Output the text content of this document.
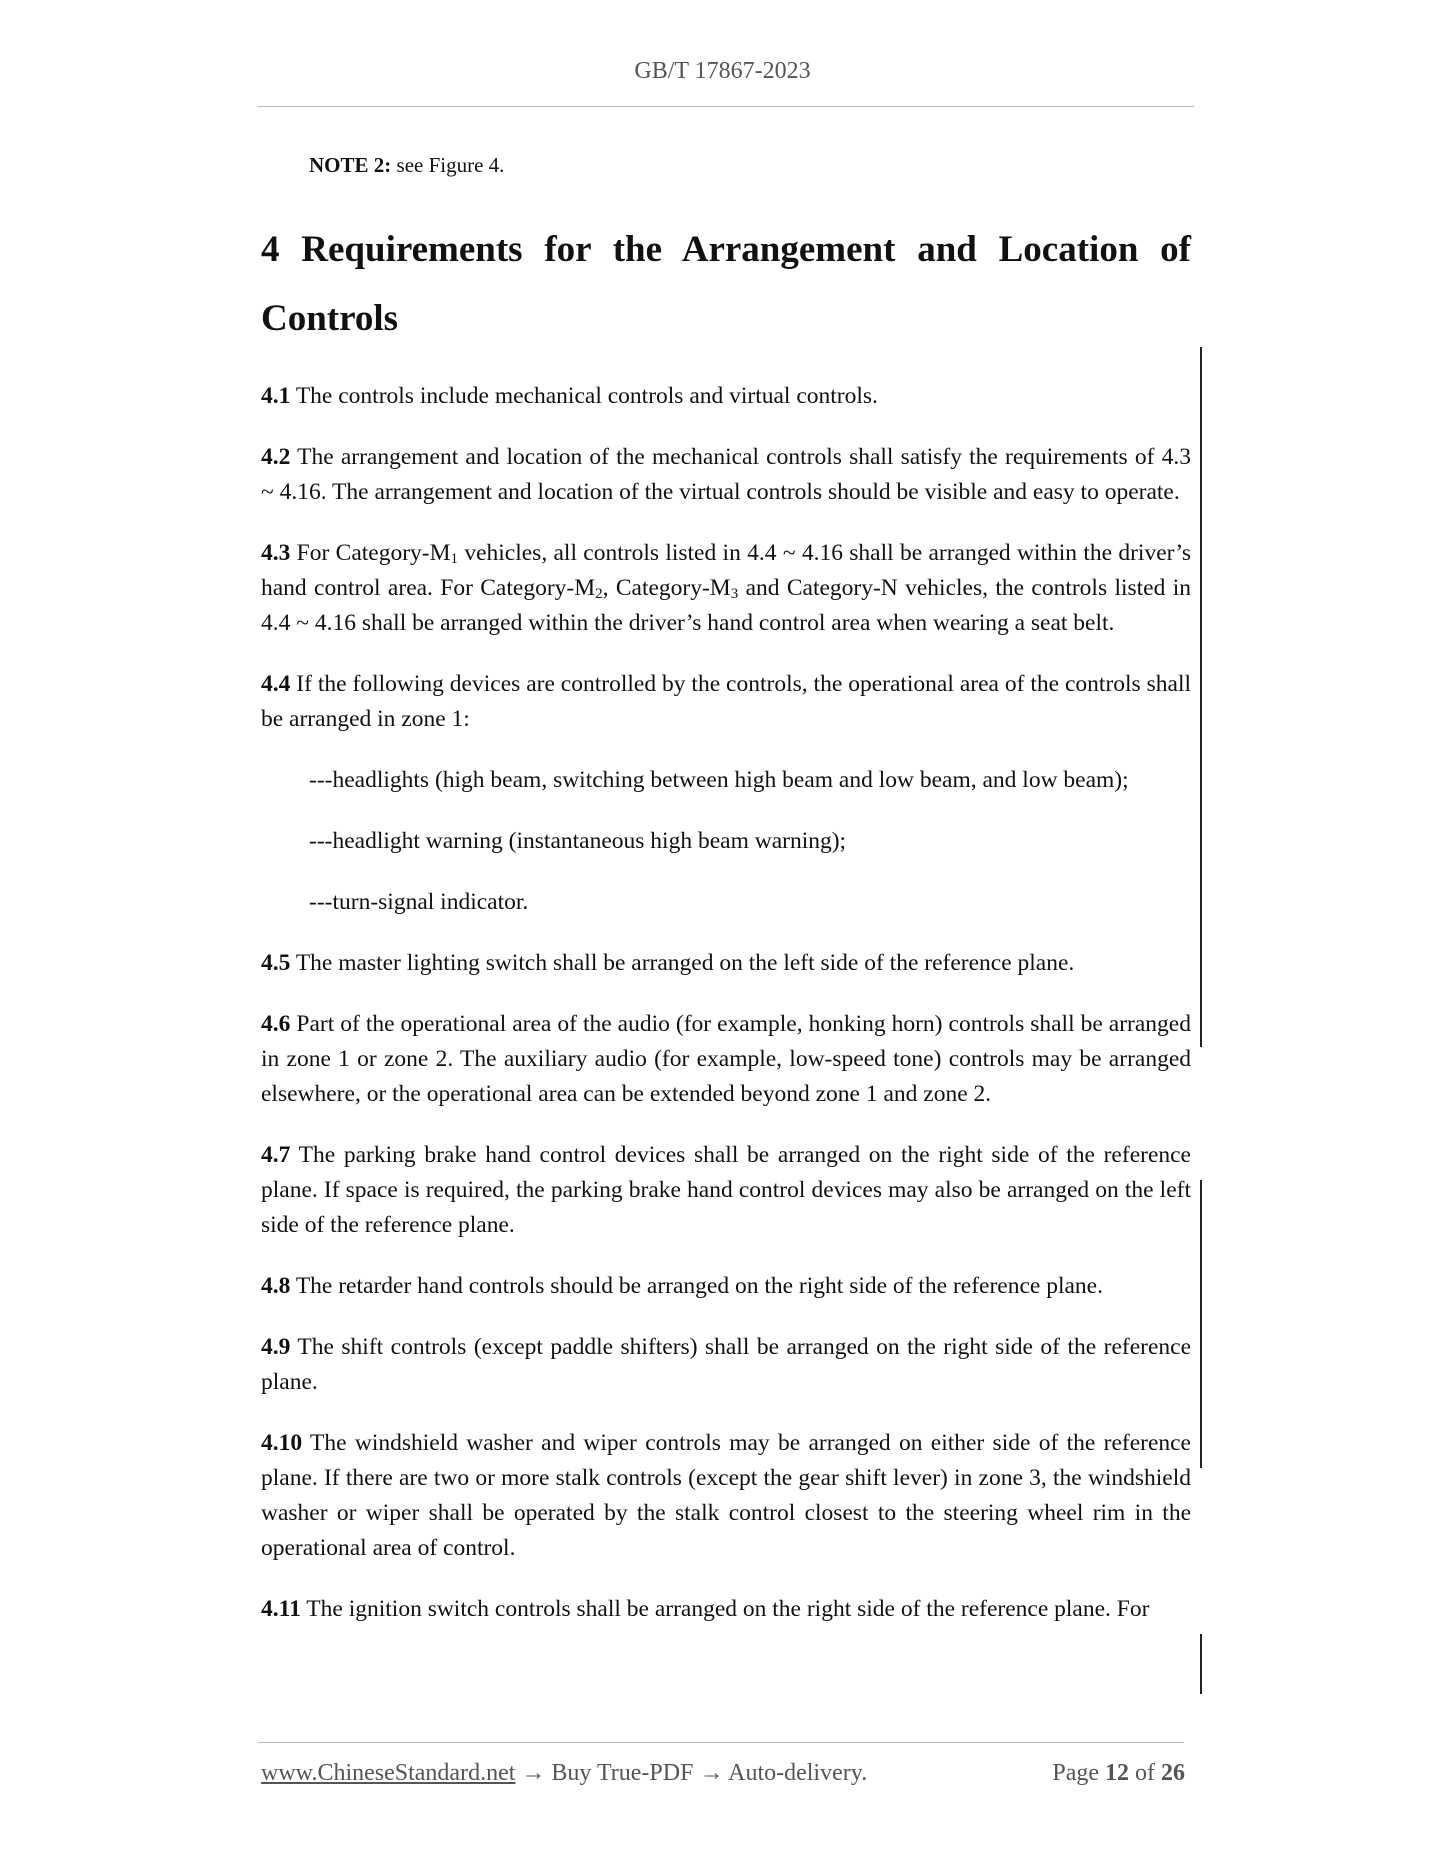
GB/T 17867-2023

NOTE 2: see Figure 4.

4 Requirements for the Arrangement and Location of
Controls

4.1 The controls include mechanical controls and virtual controls.

4.2 The arrangement and location of the mechanical controls shall satisfy the requirements of 4.3 ~ 4.16. The arrangement and location of the virtual controls should be visible and easy to operate.

4.3 For Category-$M_1$ vehicles, all controls listed in 4.4 ~ 4.16 shall be arranged within the driver’s hand control area. For Category-$M_2$, Category-$M_3$ and Category-N vehicles, the controls listed in 4.4 ~ 4.16 shall be arranged within the driver’s hand control area when wearing a seat belt.

4.4 If the following devices are controlled by the controls, the operational area of the controls shall be arranged in zone 1:

---headlights (high beam, switching between high beam and low beam, and low beam);

---headlight warning (instantaneous high beam warning);

---turn-signal indicator.

4.5 The master lighting switch shall be arranged on the left side of the reference plane.

4.6 Part of the operational area of the audio (for example, honking horn) controls shall be arranged in zone 1 or zone 2. The auxiliary audio (for example, low-speed tone) controls may be arranged elsewhere, or the operational area can be extended beyond zone 1 and zone 2.

4.7 The parking brake hand control devices shall be arranged on the right side of the reference plane. If space is required, the parking brake hand control devices may also be arranged on the left side of the reference plane.

4.8 The retarder hand controls should be arranged on the right side of the reference plane.

4.9 The shift controls (except paddle shifters) shall be arranged on the right side of the reference plane.

4.10 The windshield washer and wiper controls may be arranged on either side of the reference plane. If there are two or more stalk controls (except the gear shift lever) in zone 3, the windshield washer or wiper shall be operated by the stalk control closest to the steering wheel rim in the operational area of control.

4.11 The ignition switch controls shall be arranged on the right side of the reference plane. For

www.ChineseStandard.net → Buy True-PDF → Auto-delivery.	Page 12 of 26
